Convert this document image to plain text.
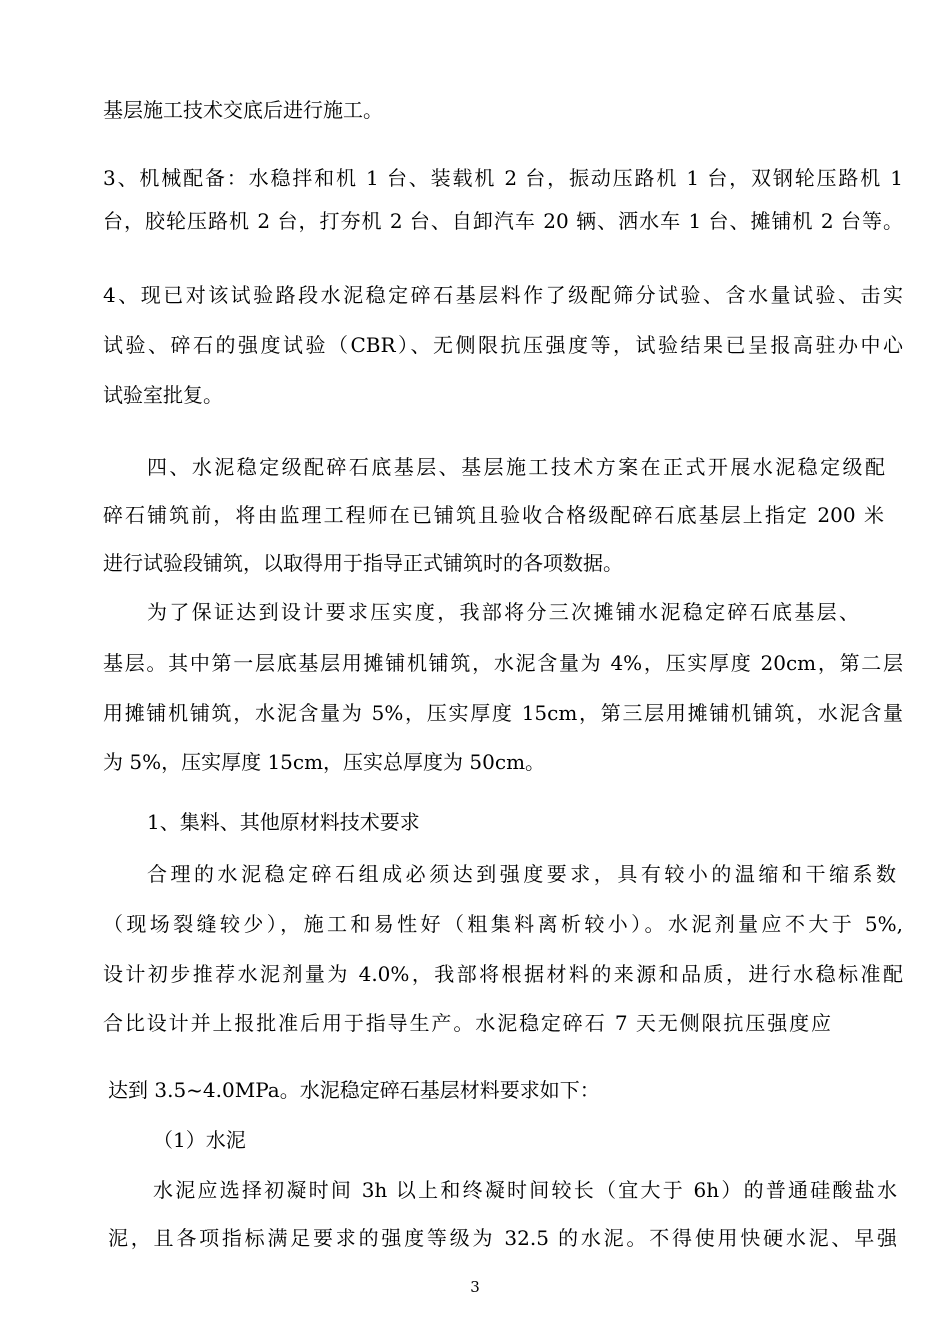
基层施工技术交底后进行施工。
3、机械配备：水稳拌和机 1 台、装载机 2 台，振动压路机 1 台，双钢轮压路机 1
台，胶轮压路机 2 台，打夯机 2 台、自卸汽车 20 辆、洒水车 1 台、摊铺机 2 台等。
4、现已对该试验路段水泥稳定碎石基层料作了级配筛分试验、含水量试验、击实
试验、碎石的强度试验（CBR）、无侧限抗压强度等，试验结果已呈报高驻办中心
试验室批复。
四、水泥稳定级配碎石底基层、基层施工技术方案在正式开展水泥稳定级配
碎石铺筑前，将由监理工程师在已铺筑且验收合格级配碎石底基层上指定 200 米
进行试验段铺筑，以取得用于指导正式铺筑时的各项数据。
为了保证达到设计要求压实度，我部将分三次摊铺水泥稳定碎石底基层、
基层。其中第一层底基层用摊铺机铺筑，水泥含量为 4%，压实厚度 20cm，第二层
用摊铺机铺筑，水泥含量为 5%，压实厚度 15cm，第三层用摊铺机铺筑，水泥含量
为 5%，压实厚度 15cm，压实总厚度为 50cm。
1、集料、其他原材料技术要求
合理的水泥稳定碎石组成必须达到强度要求，具有较小的温缩和干缩系数
（现场裂缝较少），施工和易性好（粗集料离析较小）。水泥剂量应不大于 5%,
设计初步推荐水泥剂量为 4.0%，我部将根据材料的来源和品质，进行水稳标准配
合比设计并上报批准后用于指导生产。水泥稳定碎石 7 天无侧限抗压强度应
达到 3.5~4.0MPa。水泥稳定碎石基层材料要求如下：
（1）水泥
水泥应选择初凝时间 3h 以上和终凝时间较长（宜大于 6h）的普通硅酸盐水
泥，且各项指标满足要求的强度等级为 32.5 的水泥。不得使用快硬水泥、早强
3
